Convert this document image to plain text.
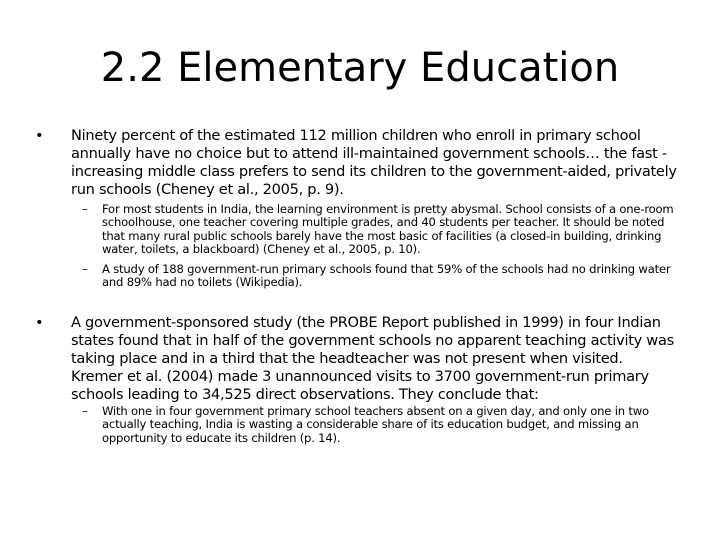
2.2 Elementary Education
•	Ninety percent of the estimated 112 million children who enroll in primary school annually have no choice but to attend ill-maintained government schools… the fast -increasing middle class prefers to send its children to the government-aided, privately run schools (Cheney et al., 2005, p. 9).
– For most students in India, the learning environment is pretty abysmal. School consists of a one-room schoolhouse, one teacher covering multiple grades, and 40 students per teacher. It should be noted that many rural public schools barely have the most basic of facilities (a closed-in building, drinking water, toilets, a blackboard) (Cheney et al., 2005, p. 10).
– A study of 188 government-run primary schools found that 59% of the schools had no drinking water and 89% had no toilets (Wikipedia).
•	A government-sponsored study (the PROBE Report published in 1999) in four Indian states found that in half of the government schools no apparent teaching activity was taking place and in a third that the headteacher was not present when visited. Kremer et al. (2004) made 3 unannounced visits to 3700 government-run primary schools leading to 34,525 direct observations. They conclude that:
– With one in four government primary school teachers absent on a given day, and only one in two actually teaching, India is wasting a considerable share of its education budget, and missing an opportunity to educate its children (p. 14).
